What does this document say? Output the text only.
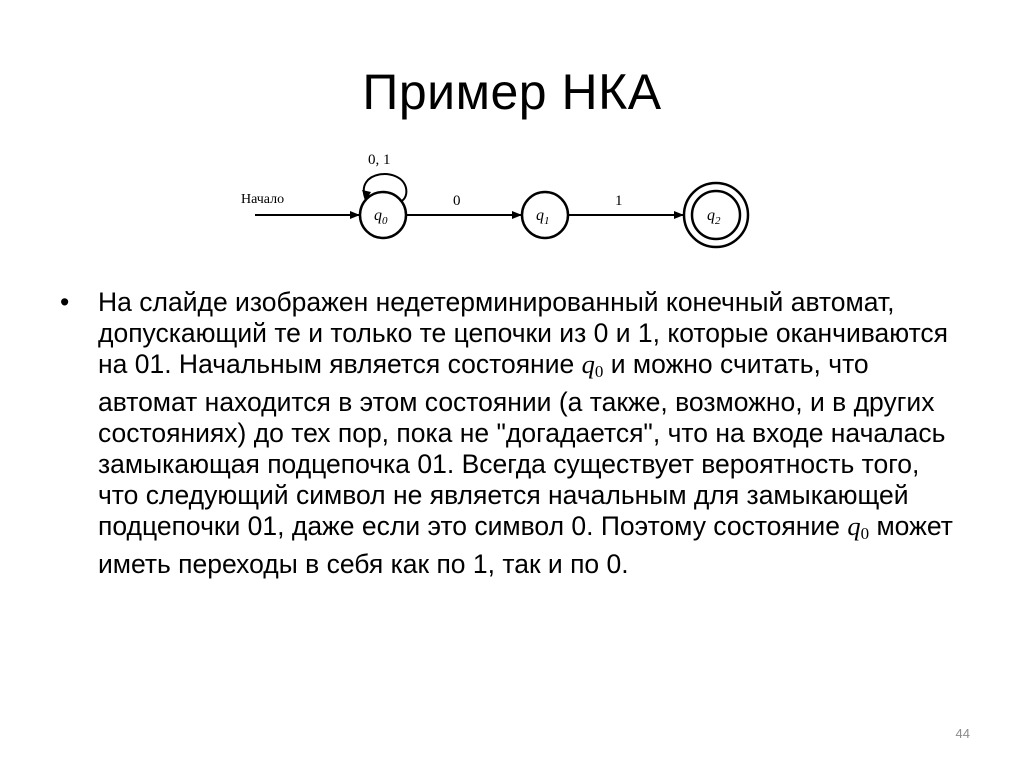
Пример НКА
Начало
0, 1
$q_0$
0
$q_1$
1
$q_2$
•	На слайде изображен недетерминированный конечный автомат, допускающий те и только те цепочки из 0 и 1, которые оканчиваются на 01. Начальным является состояние $q_0$ и можно считать, что автомат находится в этом состоянии (а также, возможно, и в других состояниях) до тех пор, пока не "догадается", что на входе началась замыкающая подцепочка 01. Всегда существует вероятность того, что следующий символ не является начальным для замыкающей подцепочки 01, даже если это символ 0. Поэтому состояние $q_0$ может иметь переходы в себя как по 1, так и по 0.
44
